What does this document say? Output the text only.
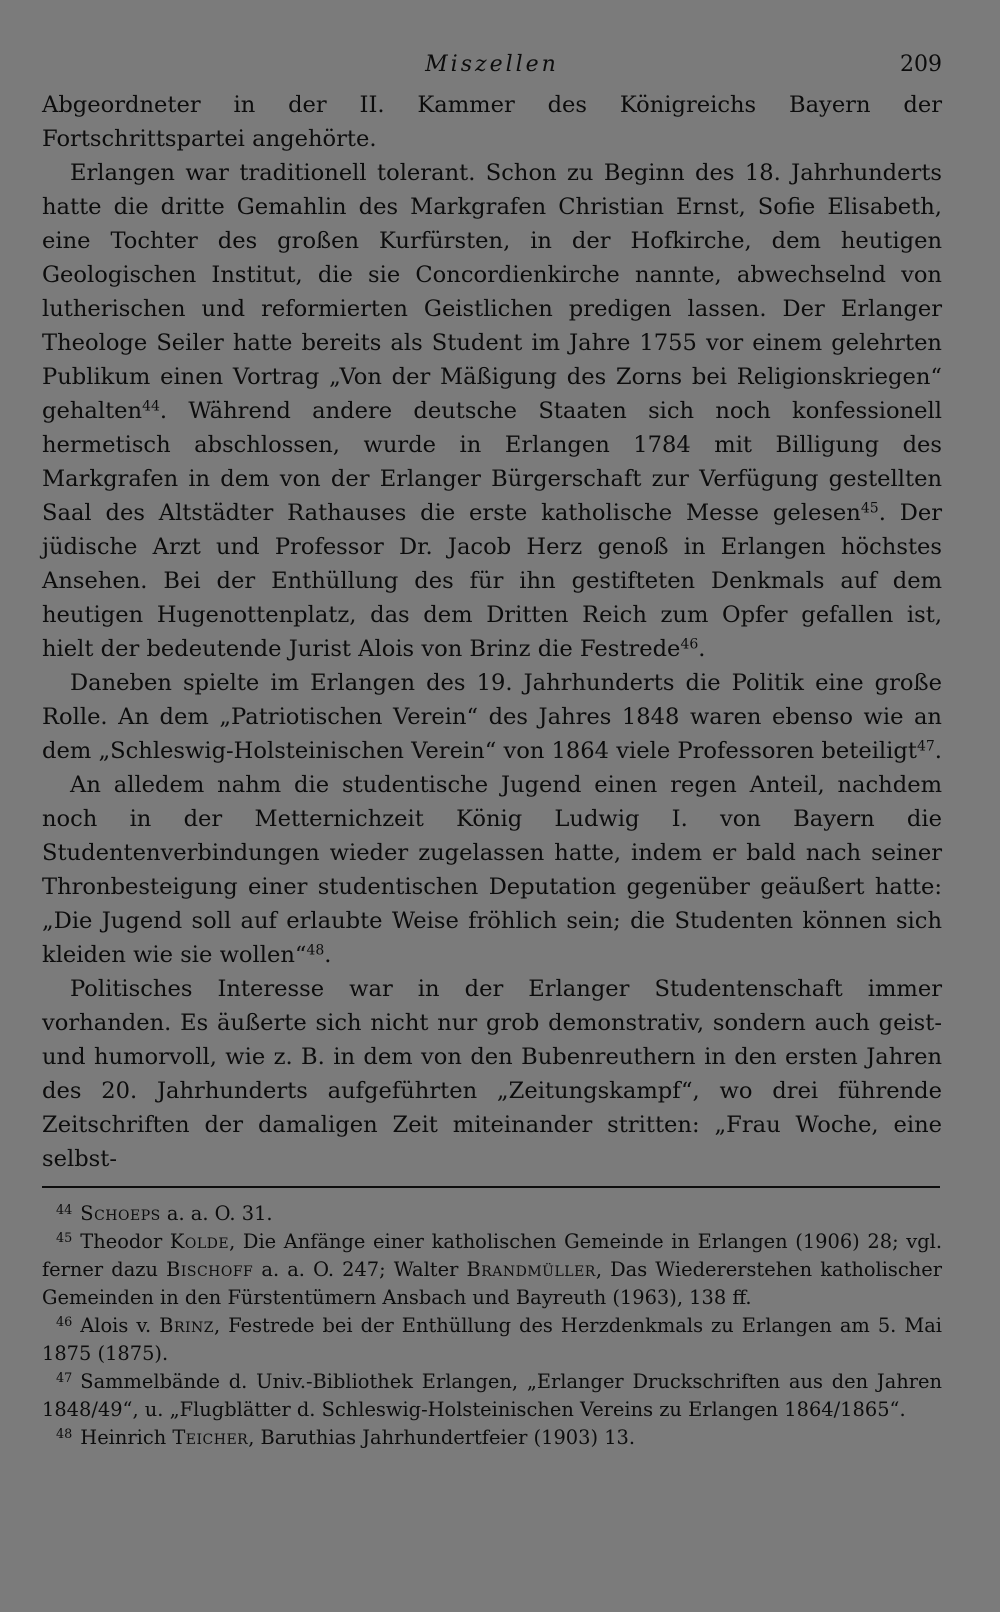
Miszellen	209

Abgeordneter in der II. Kammer des Königreichs Bayern der Fortschrittspartei angehörte.

Erlangen war traditionell tolerant. Schon zu Beginn des 18. Jahrhunderts hatte die dritte Gemahlin des Markgrafen Christian Ernst, Sofie Elisabeth, eine Tochter des großen Kurfürsten, in der Hofkirche, dem heutigen Geologischen Institut, die sie Concordienkirche nannte, abwechselnd von lutherischen und reformierten Geistlichen predigen lassen. Der Erlanger Theologe Seiler hatte bereits als Student im Jahre 1755 vor einem gelehrten Publikum einen Vortrag „Von der Mäßigung des Zorns bei Religionskriegen“ gehalten$^{44}$. Während andere deutsche Staaten sich noch konfessionell hermetisch abschlossen, wurde in Erlangen 1784 mit Billigung des Markgrafen in dem von der Erlanger Bürgerschaft zur Verfügung gestellten Saal des Altstädter Rathauses die erste katholische Messe gelesen$^{45}$. Der jüdische Arzt und Professor Dr. Jacob Herz genoß in Erlangen höchstes Ansehen. Bei der Enthüllung des für ihn gestifteten Denkmals auf dem heutigen Hugenottenplatz, das dem Dritten Reich zum Opfer gefallen ist, hielt der bedeutende Jurist Alois von Brinz die Festrede$^{46}$.

Daneben spielte im Erlangen des 19. Jahrhunderts die Politik eine große Rolle. An dem „Patriotischen Verein“ des Jahres 1848 waren ebenso wie an dem „Schleswig-Holsteinischen Verein“ von 1864 viele Professoren beteiligt$^{47}$.

An alledem nahm die studentische Jugend einen regen Anteil, nachdem noch in der Metternichzeit König Ludwig I. von Bayern die Studentenverbindungen wieder zugelassen hatte, indem er bald nach seiner Thronbesteigung einer studentischen Deputation gegenüber geäußert hatte: „Die Jugend soll auf erlaubte Weise fröhlich sein; die Studenten können sich kleiden wie sie wollen“$^{48}$.

Politisches Interesse war in der Erlanger Studentenschaft immer vorhanden. Es äußerte sich nicht nur grob demonstrativ, sondern auch geist- und humorvoll, wie z. B. in dem von den Bubenreuthern in den ersten Jahren des 20. Jahrhunderts aufgeführten „Zeitungskampf“, wo drei führende Zeitschriften der damaligen Zeit miteinander stritten: „Frau Woche, eine selbst-

$^{44}$ Schoeps a. a. O. 31.

$^{45}$ Theodor Kolde, Die Anfänge einer katholischen Gemeinde in Erlangen (1906) 28; vgl. ferner dazu Bischoff a. a. O. 247; Walter Brandmüller, Das Wiedererstehen katholischer Gemeinden in den Fürstentümern Ansbach und Bayreuth (1963), 138 ff.

$^{46}$ Alois v. Brinz, Festrede bei der Enthüllung des Herzdenkmals zu Erlangen am 5. Mai 1875 (1875).

$^{47}$ Sammelbände d. Univ.-Bibliothek Erlangen, „Erlanger Druckschriften aus den Jahren 1848/49“, u. „Flugblätter d. Schleswig-Holsteinischen Vereins zu Erlangen 1864/1865“.

$^{48}$ Heinrich Teicher, Baruthias Jahrhundertfeier (1903) 13.
